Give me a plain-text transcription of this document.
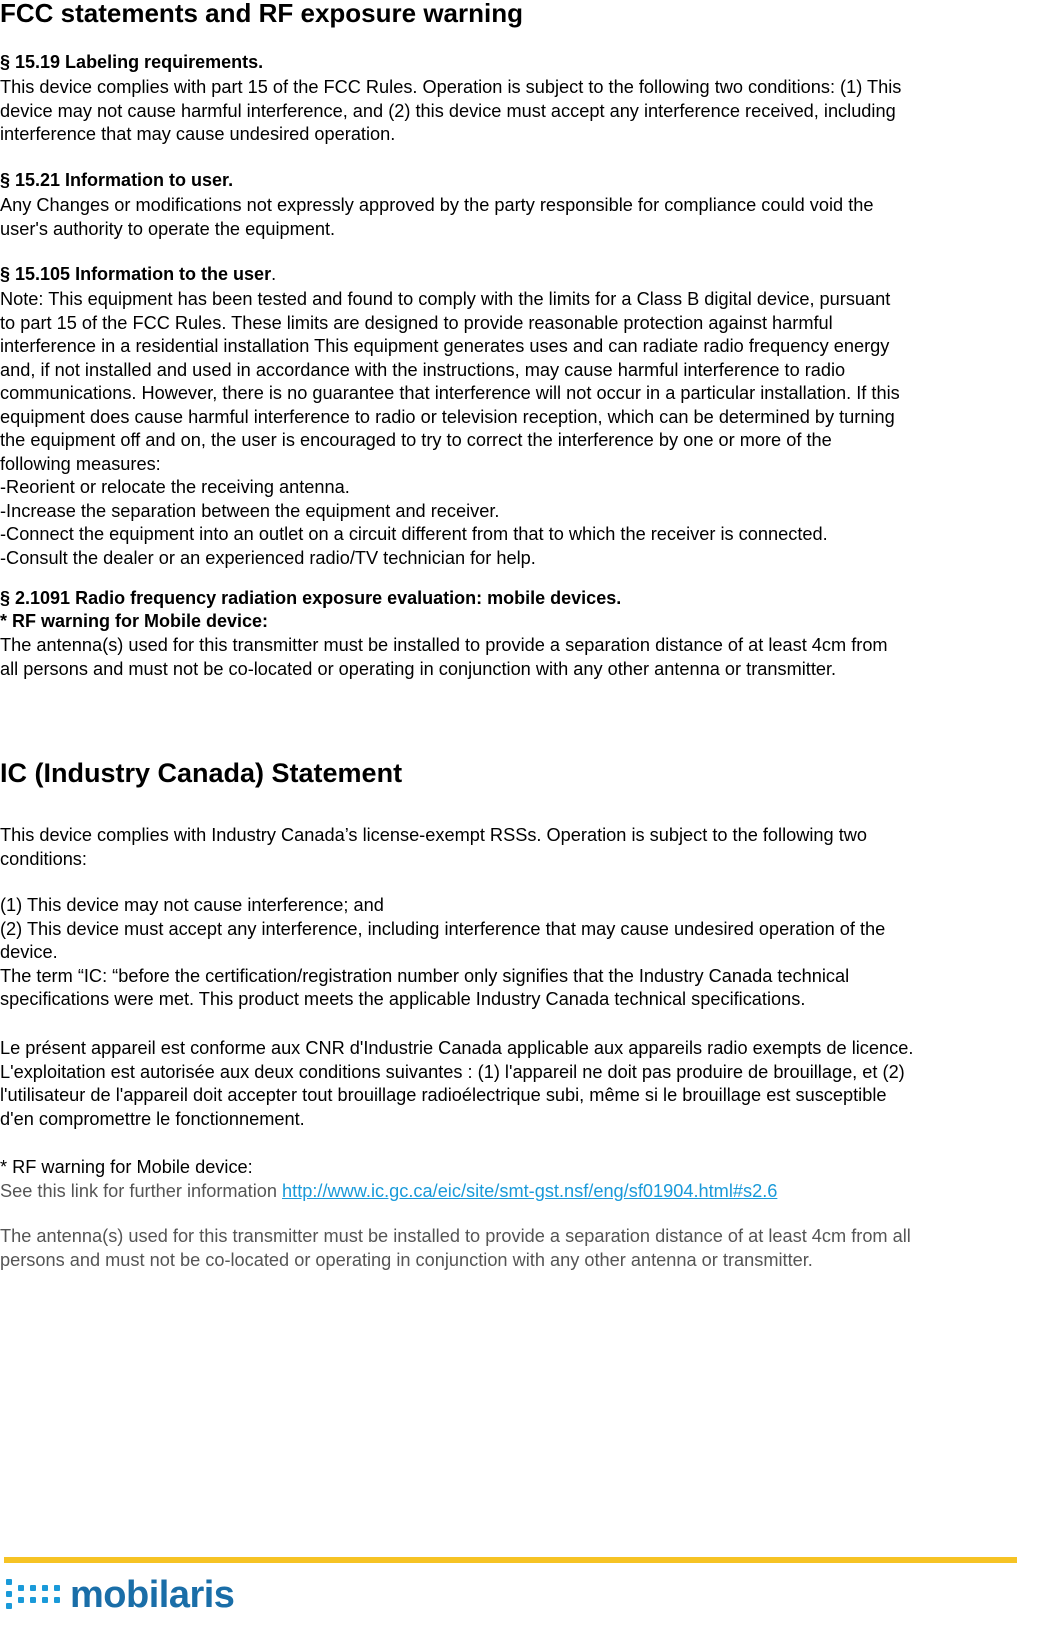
FCC statements and RF exposure warning
§ 15.19 Labeling requirements.

This device complies with part 15 of the FCC Rules. Operation is subject to the following two conditions: (1) This
device may not cause harmful interference, and (2) this device must accept any interference received, including
interference that may cause undesired operation.

§ 15.21 Information to user.

Any Changes or modifications not expressly approved by the party responsible for compliance could void the
user's authority to operate the equipment.

§ 15.105 Information to the user.

Note: This equipment has been tested and found to comply with the limits for a Class B digital device, pursuant
to part 15 of the FCC Rules. These limits are designed to provide reasonable protection against harmful
interference in a residential installation This equipment generates uses and can radiate radio frequency energy
and, if not installed and used in accordance with the instructions, may cause harmful interference to radio
communications. However, there is no guarantee that interference will not occur in a particular installation. If this
equipment does cause harmful interference to radio or television reception, which can be determined by turning
the equipment off and on, the user is encouraged to try to correct the interference by one or more of the
following measures:
-Reorient or relocate the receiving antenna.
-Increase the separation between the equipment and receiver.
-Connect the equipment into an outlet on a circuit different from that to which the receiver is connected.
-Consult the dealer or an experienced radio/TV technician for help.

§ 2.1091 Radio frequency radiation exposure evaluation: mobile devices.
* RF warning for Mobile device:

The antenna(s) used for this transmitter must be installed to provide a separation distance of at least 4cm from
all persons and must not be co-located or operating in conjunction with any other antenna or transmitter.

IC (Industry Canada) Statement

This device complies with Industry Canada’s license-exempt RSSs. Operation is subject to the following two
conditions:

(1) This device may not cause interference; and
(2) This device must accept any interference, including interference that may cause undesired operation of the
device.
The term “IC: “before the certification/registration number only signifies that the Industry Canada technical
specifications were met. This product meets the applicable Industry Canada technical specifications.

Le présent appareil est conforme aux CNR d'Industrie Canada applicable aux appareils radio exempts de licence.
L'exploitation est autorisée aux deux conditions suivantes : (1) l'appareil ne doit pas produire de brouillage, et (2)
l'utilisateur de l'appareil doit accepter tout brouillage radioélectrique subi, même si le brouillage est susceptible
d'en compromettre le fonctionnement.

* RF warning for Mobile device:

See this link for further information http://www.ic.gc.ca/eic/site/smt-gst.nsf/eng/sf01904.html#s2.6

The antenna(s) used for this transmitter must be installed to provide a separation distance of at least 4cm from all
persons and must not be co-located or operating in conjunction with any other antenna or transmitter.

mobilaris
